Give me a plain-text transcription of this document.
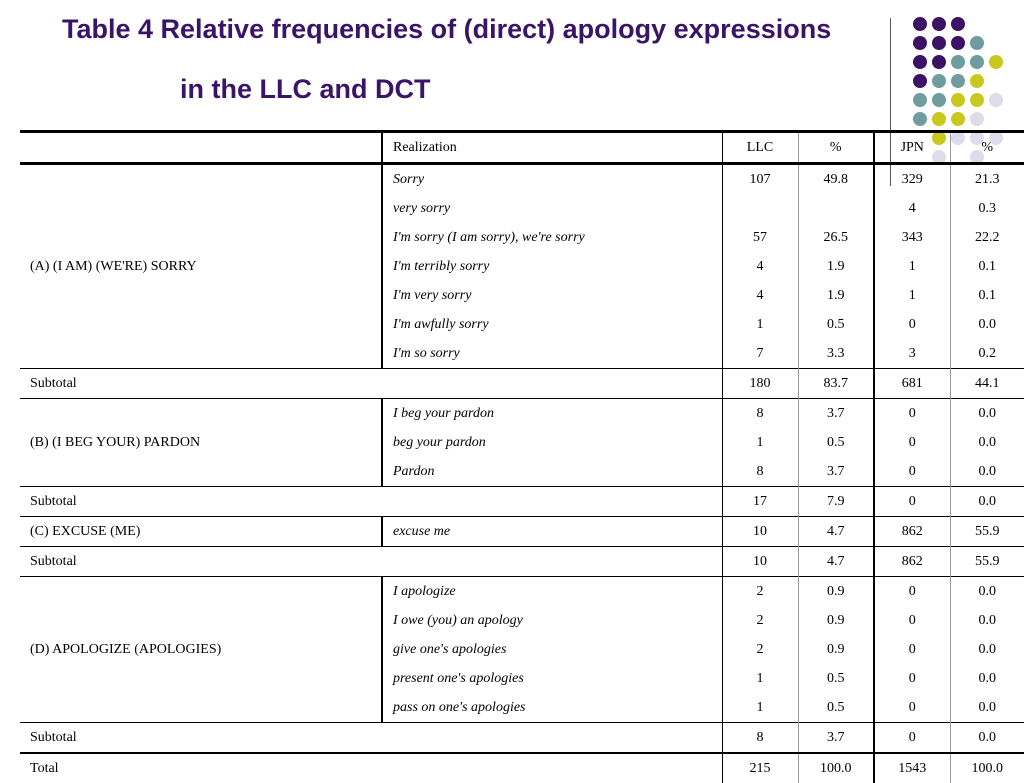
Table 4 Relative frequencies of (direct) apology expressions
in the LLC and DCT
	Realization	LLC	%	JPN	%
(A) (I AM) (WE'RE) SORRY	Sorry	107	49.8	329	21.3
	very sorry			4	0.3
	I'm sorry (I am sorry), we're sorry	57	26.5	343	22.2
	I'm terribly sorry	4	1.9	1	0.1
	I'm very sorry	4	1.9	1	0.1
	I'm awfully sorry	1	0.5	0	0.0
	I'm so sorry	7	3.3	3	0.2
Subtotal		180	83.7	681	44.1
(B) (I BEG YOUR) PARDON	I beg your pardon	8	3.7	0	0.0
	beg your pardon	1	0.5	0	0.0
	Pardon	8	3.7	0	0.0
Subtotal		17	7.9	0	0.0
(C) EXCUSE (ME)	excuse me	10	4.7	862	55.9
Subtotal		10	4.7	862	55.9
(D) APOLOGIZE (APOLOGIES)	I apologize	2	0.9	0	0.0
	I owe (you) an apology	2	0.9	0	0.0
	give one's apologies	2	0.9	0	0.0
	present one's apologies	1	0.5	0	0.0
	pass on one's apologies	1	0.5	0	0.0
Subtotal		8	3.7	0	0.0
Total		215	100.0	1543	100.0
